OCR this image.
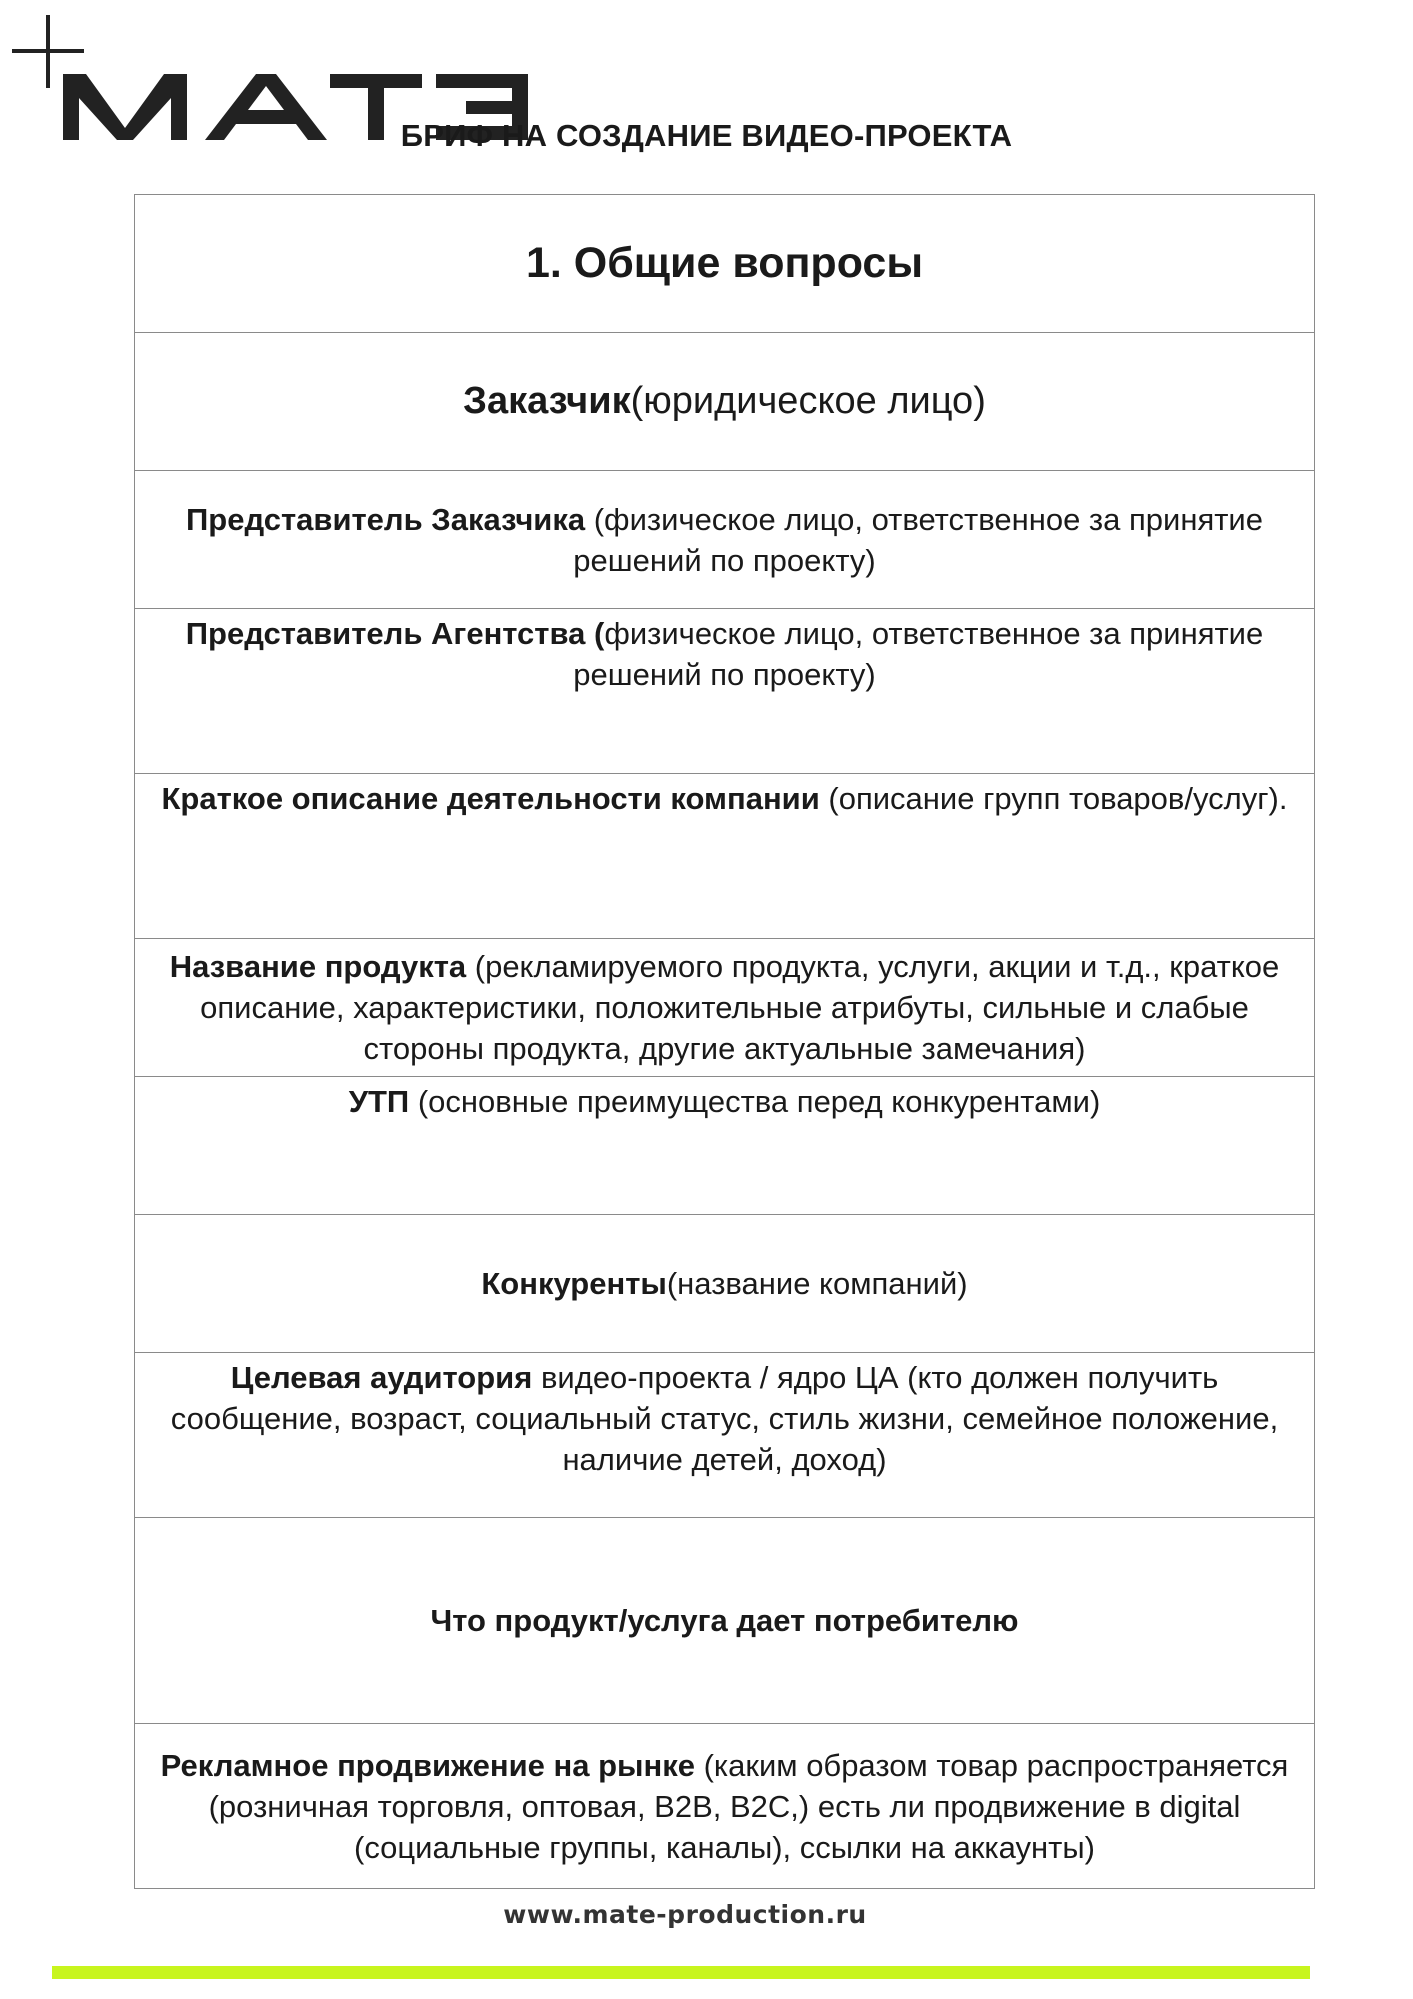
БРИФ НА СОЗДАНИЕ ВИДЕО-ПРОЕКТА
1. Общие вопросы
Заказчик(юридическое лицо)
Представитель Заказчика (физическое лицо, ответственное за принятие решений по проекту)

Представитель Агентства (физическое лицо, ответственное за принятие решений по проекту)

Краткое описание деятельности компании (описание групп товаров/услуг).

Название продукта (рекламируемого продукта, услуги, акции и т.д., краткое описание, характеристики, положительные атрибуты, сильные и слабые стороны продукта, другие актуальные замечания)

УТП (основные преимущества перед конкурентами)

Конкуренты(название компаний)

Целевая аудитория видео-проекта / ядро ЦА (кто должен получить сообщение, возраст, социальный статус, стиль жизни, семейное положение, наличие детей, доход)

Что продукт/услуга дает потребителю
Рекламное продвижение на рынке (каким образом товар распространяется (розничная торговля, оптовая, B2B, B2C,) есть ли продвижение в digital (социальные группы, каналы), ссылки на аккаунты)
www.mate-production.ru
